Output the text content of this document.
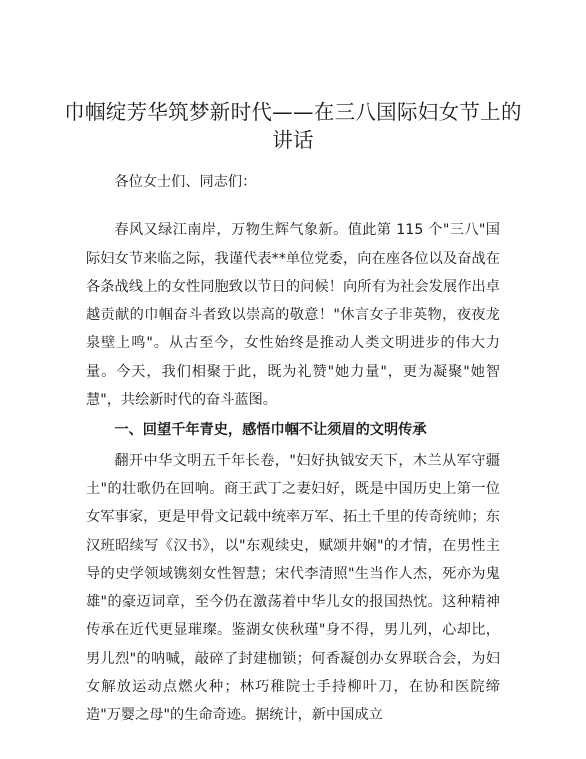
巾帼绽芳华筑梦新时代——在三八国际妇女节上的讲话

各位女士们、同志们：

春风又绿江南岸，万物生辉气象新。值此第 115 个"三八"国际妇女节来临之际，我谨代表**单位党委，向在座各位以及奋战在各条战线上的女性同胞致以节日的问候！向所有为社会发展作出卓越贡献的巾帼奋斗者致以崇高的敬意！"休言女子非英物，夜夜龙泉壁上鸣"。从古至今，女性始终是推动人类文明进步的伟大力量。今天，我们相聚于此，既为礼赞"她力量"，更为凝聚"她智慧"，共绘新时代的奋斗蓝图。

一、回望千年青史，感悟巾帼不让须眉的文明传承

翻开中华文明五千年长卷，"妇好执钺安天下，木兰从军守疆土"的壮歌仍在回响。商王武丁之妻妇好，既是中国历史上第一位女军事家，更是甲骨文记载中统率万军、拓土千里的传奇统帅；东汉班昭续写《汉书》，以"东观续史，赋颂井娴"的才情，在男性主导的史学领域镌刻女性智慧；宋代李清照"生当作人杰，死亦为鬼雄"的豪迈词章，至今仍在激荡着中华儿女的报国热忱。这种精神传承在近代更显璀璨。鉴湖女侠秋瑾"身不得，男儿列，心却比，男儿烈"的呐喊，敲碎了封建枷锁；何香凝创办女界联合会，为妇女解放运动点燃火种；林巧稚院士手持柳叶刀，在协和医院缔造"万婴之母"的生命奇迹。据统计，新中国成立
